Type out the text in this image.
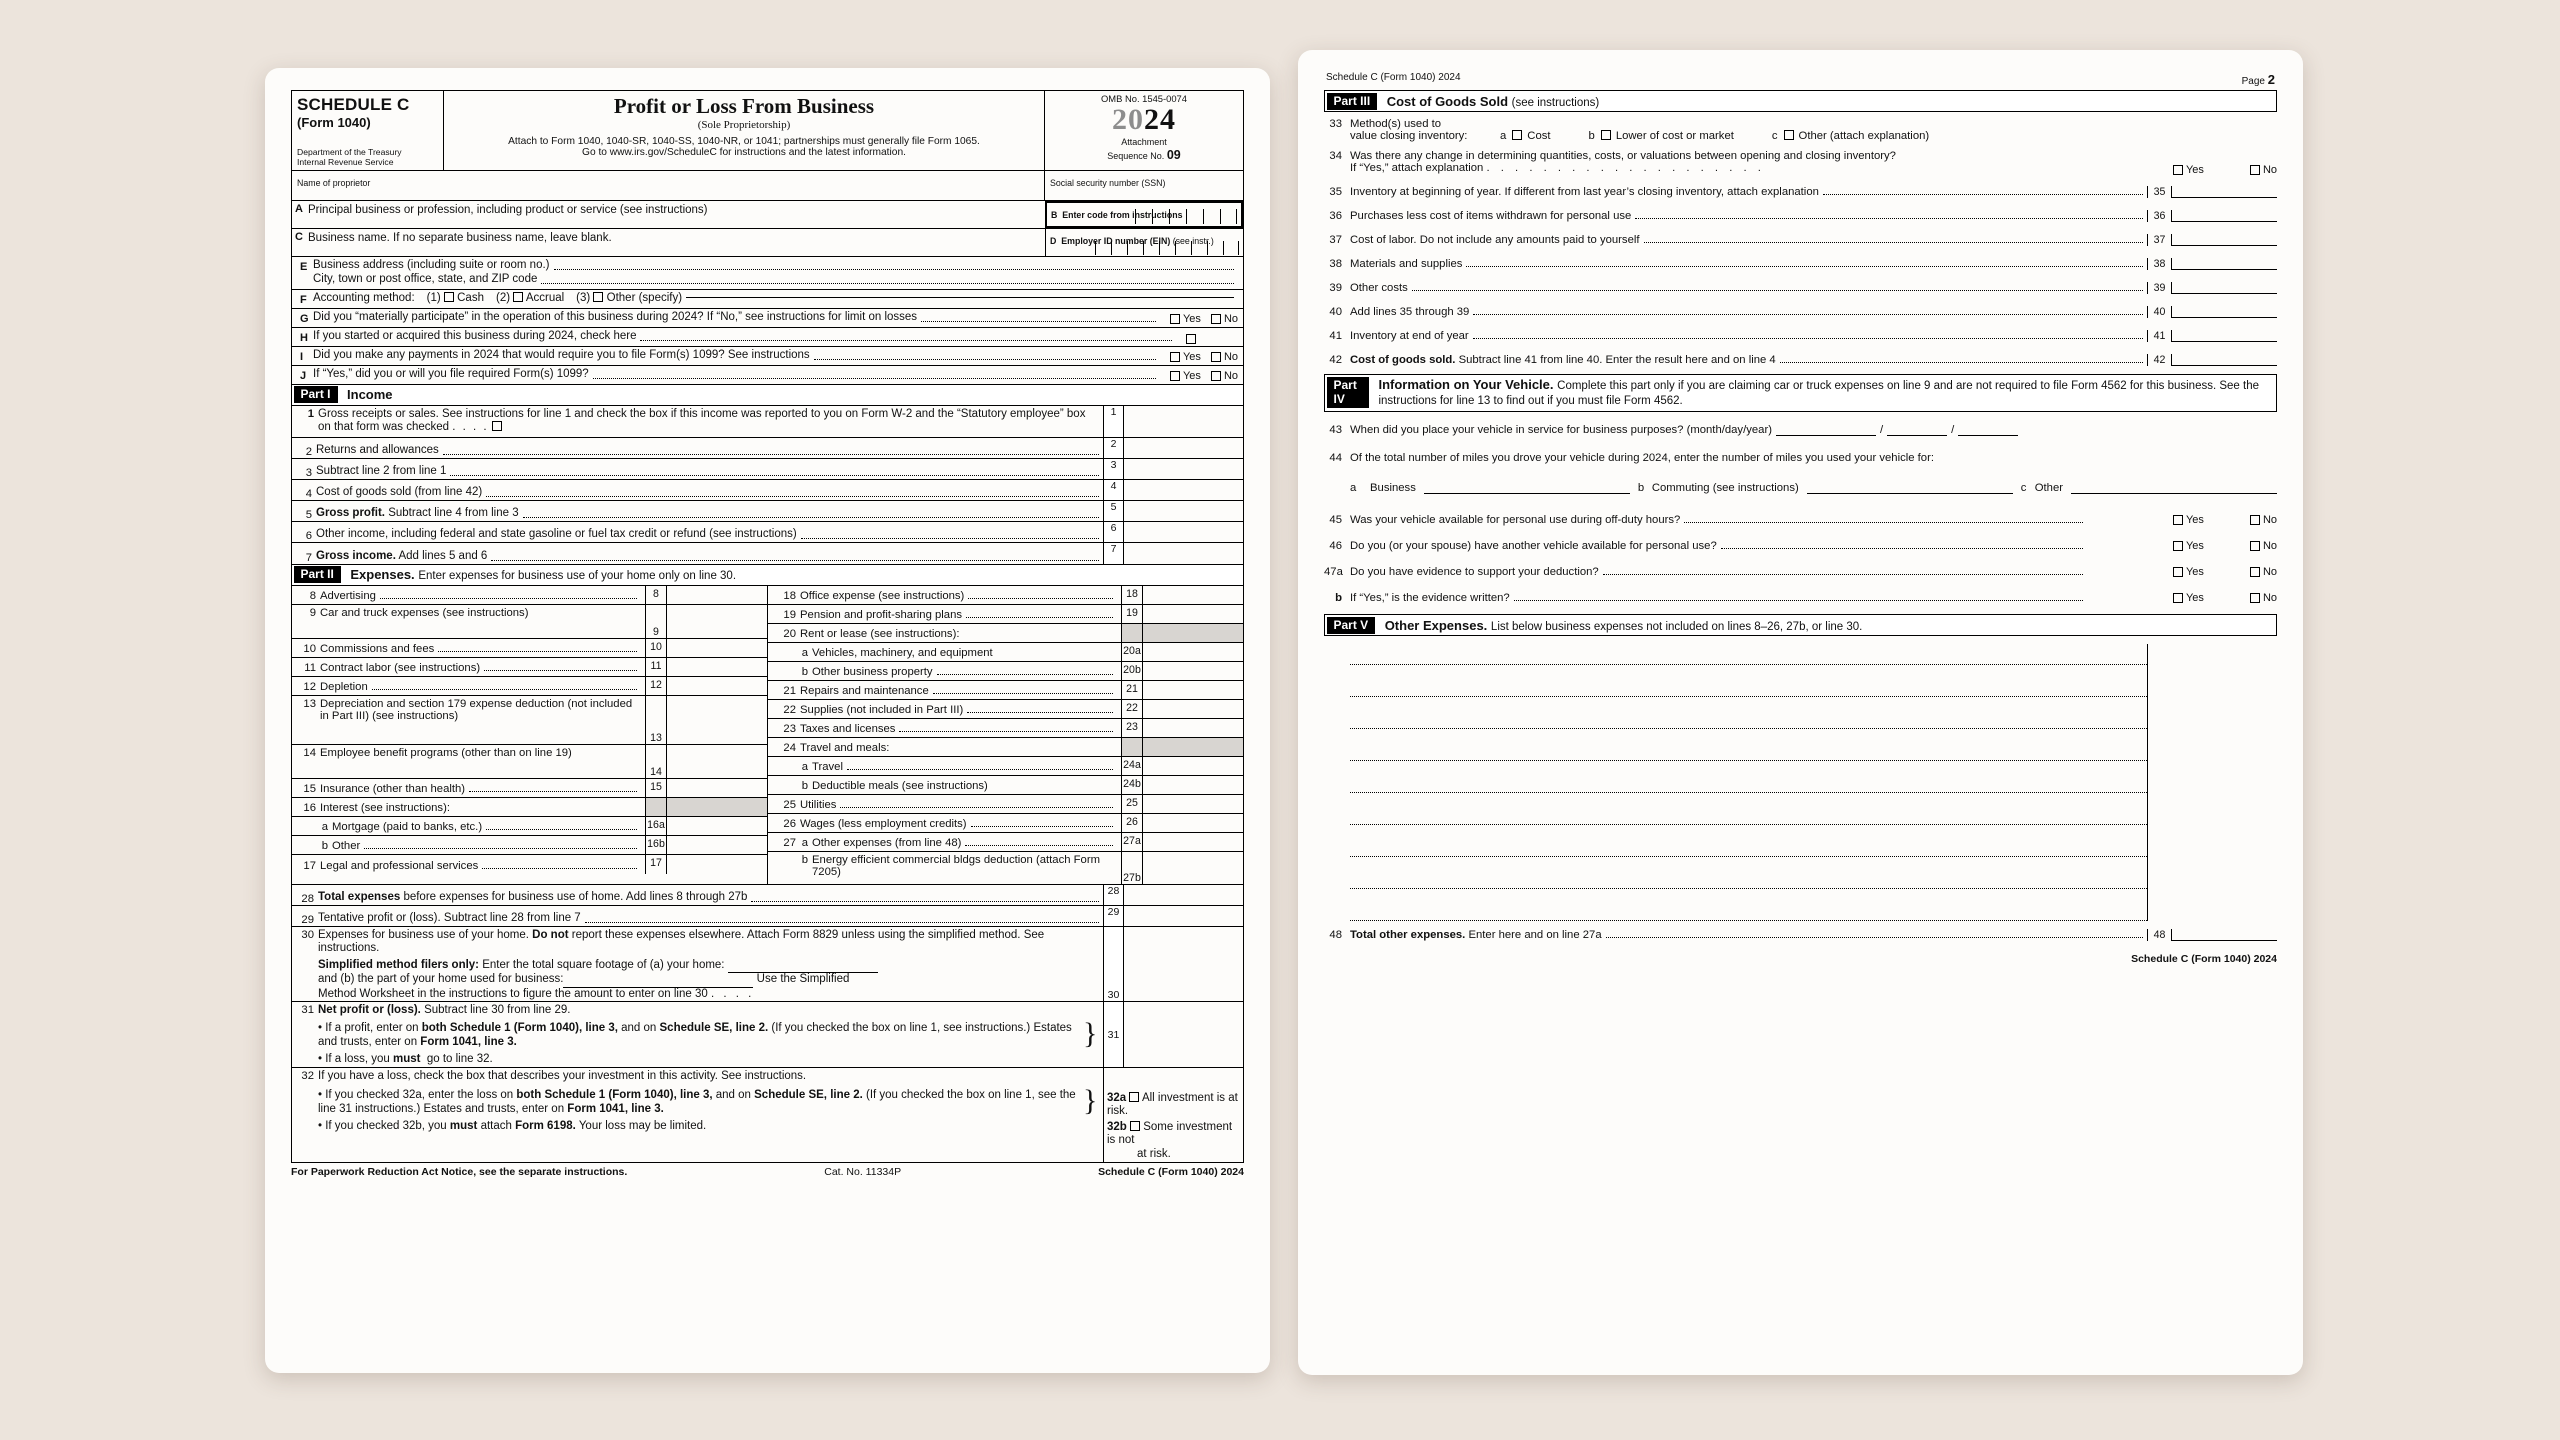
SCHEDULE C
(Form 1040)
Department of the Treasury
Internal Revenue Service
Profit or Loss From Business
(Sole Proprietorship)
Attach to Form 1040, 1040-SR, 1040-SS, 1040-NR, or 1041; partnerships must generally file Form 1065.
Go to www.irs.gov/ScheduleC for instructions and the latest information.
OMB No. 1545-0074
2024
Attachment
Sequence No. 09
Name of proprietor	Social security number (SSN)
A Principal business or profession, including product or service (see instructions)	B Enter code from instructions
C Business name. If no separate business name, leave blank.	D Employer ID number (EIN) (see instr.)
E Business address (including suite or room no.)
City, town or post office, state, and ZIP code
F Accounting method: (1) Cash (2) Accrual (3) Other (specify)
G Did you “materially participate” in the operation of this business during 2024? If “No,” see instructions for limit on losses	Yes No
H If you started or acquired this business during 2024, check here
I Did you make any payments in 2024 that would require you to file Form(s) 1099? See instructions	Yes No
J If “Yes,” did you or will you file required Form(s) 1099?	Yes No
Part I	Income
1 Gross receipts or sales. See instructions for line 1 and check the box if this income was reported to you on Form W-2 and the “Statutory employee” box on that form was checked . . . .
1
2 Returns and allowances
2
3 Subtract line 2 from line 1
3
4 Cost of goods sold (from line 42)
4
5 Gross profit. Subtract line 4 from line 3
5
6 Other income, including federal and state gasoline or fuel tax credit or refund (see instructions)
6
7 Gross income. Add lines 5 and 6
7
Part II	Expenses. Enter expenses for business use of your home only on line 30.
8 Advertising	8
9 Car and truck expenses (see instructions)
9
10 Commissions and fees	10
11 Contract labor (see instructions)	11
12 Depletion	12
13 Depreciation and section 179 expense deduction (not included in Part III) (see instructions)
13
14 Employee benefit programs (other than on line 19)
14
15 Insurance (other than health)	15
16 Interest (see instructions):
a Mortgage (paid to banks, etc.)	16a
b Other	16b
17 Legal and professional services	17
18 Office expense (see instructions)	18
19 Pension and profit-sharing plans	19
20 Rent or lease (see instructions):
a Vehicles, machinery, and equipment	20a
b Other business property	20b
21 Repairs and maintenance	21
22 Supplies (not included in Part III)	22
23 Taxes and licenses	23
24 Travel and meals:
a Travel	24a
b Deductible meals (see instructions)	24b
25 Utilities	25
26 Wages (less employment credits)	26
27 a Other expenses (from line 48)	27a
b Energy efficient commercial bldgs deduction (attach Form 7205)	27b
28 Total expenses before expenses for business use of home. Add lines 8 through 27b
28
29 Tentative profit or (loss). Subtract line 28 from line 7
29
30 Expenses for business use of your home. Do not report these expenses elsewhere. Attach Form 8829 unless using the simplified method. See instructions.
Simplified method filers only: Enter the total square footage of (a) your home:
and (b) the part of your home used for business:	Use the Simplified
Method Worksheet in the instructions to figure the amount to enter on line 30 . . . .	30
31 Net profit or (loss). Subtract line 30 from line 29.
• If a profit, enter on both Schedule 1 (Form 1040), line 3, and on Schedule SE, line 2. (If you checked the box on line 1, see instructions.) Estates and trusts, enter on Form 1041, line 3.
• If a loss, you must  go to line 32.
} 31
32 If you have a loss, check the box that describes your investment in this activity. See instructions.
• If you checked 32a, enter the loss on both Schedule 1 (Form 1040), line 3, and on Schedule SE, line 2. (If you checked the box on line 1, see the line 31 instructions.) Estates and trusts, enter on Form 1041, line 3.
• If you checked 32b, you must attach Form 6198. Your loss may be limited.
} 32a  All investment is at risk.
32b  Some investment is not
at risk.
For Paperwork Reduction Act Notice, see the separate instructions.	Cat. No. 11334P	Schedule C (Form 1040) 2024
Schedule C (Form 1040) 2024	Page 2
Part III	Cost of Goods Sold (see instructions)
33 Method(s) used to
value closing inventory:	a Cost	b Lower of cost or market	c Other (attach explanation)
34 Was there any change in determining quantities, costs, or valuations between opening and closing inventory?
If “Yes,” attach explanation . . . . . . . . . . . . . . . . . . . .	Yes	No
35 Inventory at beginning of year. If different from last year’s closing inventory, attach explanation	35
36 Purchases less cost of items withdrawn for personal use	36
37 Cost of labor. Do not include any amounts paid to yourself	37
38 Materials and supplies	38
39 Other costs	39
40 Add lines 35 through 39	40
41 Inventory at end of year	41
42 Cost of goods sold. Subtract line 41 from line 40. Enter the result here and on line 4	42
Part IV
Information on Your Vehicle. Complete this part only if you are claiming car or truck expenses on line 9 and are not required to file Form 4562 for this business. See the instructions for line 13 to find out if you must file Form 4562.
43 When did you place your vehicle in service for business purposes? (month/day/year)	/	/
44 Of the total number of miles you drove your vehicle during 2024, enter the number of miles you used your vehicle for:
a	Business	b Commuting (see instructions)	c Other
45 Was your vehicle available for personal use during off-duty hours?	Yes	No
46 Do you (or your spouse) have another vehicle available for personal use?	Yes	No
47a Do you have evidence to support your deduction?	Yes	No
b If “Yes,” is the evidence written?	Yes	No
Part V	Other Expenses. List below business expenses not included on lines 8–26, 27b, or line 30.
48 Total other expenses. Enter here and on line 27a	48
Schedule C (Form 1040) 2024
